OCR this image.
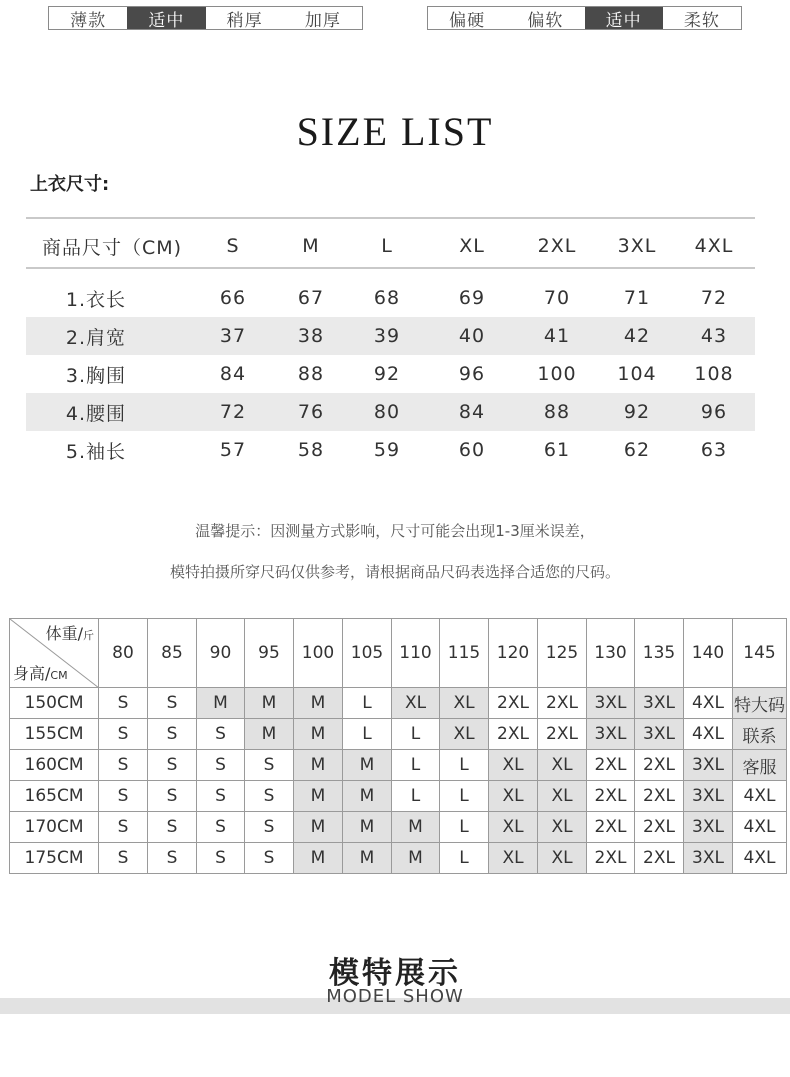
薄款	适中	稍厚	加厚	偏硬	偏软	适中	柔软
SIZE LIST
上衣尺寸:
商品尺寸（CM)	S	M	L	XL	2XL	3XL	4XL
1.衣长	66	67	68	69	70	71	72
2.肩宽	37	38	39	40	41	42	43
3.胸围	84	88	92	96	100	104	108
4.腰围	72	76	80	84	88	92	96
5.袖长	57	58	59	60	61	62	63
温馨提示：因测量方式影响，尺寸可能会出现1-3厘米误差，
模特拍摄所穿尺码仅供参考，请根据商品尺码表选择合适您的尺码。
体重/斤
身高/CM	80	85	90	95	100	105	110	115	120	125	130	135	140	145
150CM	S	S	M	M	M	L	XL	XL	2XL	2XL	3XL	3XL	4XL	特大码
155CM	S	S	S	M	M	L	L	XL	2XL	2XL	3XL	3XL	4XL	联系
160CM	S	S	S	S	M	M	L	L	XL	XL	2XL	2XL	3XL	客服
165CM	S	S	S	S	M	M	L	L	XL	XL	2XL	2XL	3XL	4XL
170CM	S	S	S	S	M	M	M	L	XL	XL	2XL	2XL	3XL	4XL
175CM	S	S	S	S	M	M	M	L	XL	XL	2XL	2XL	3XL	4XL
模特展示
MODEL SHOW
